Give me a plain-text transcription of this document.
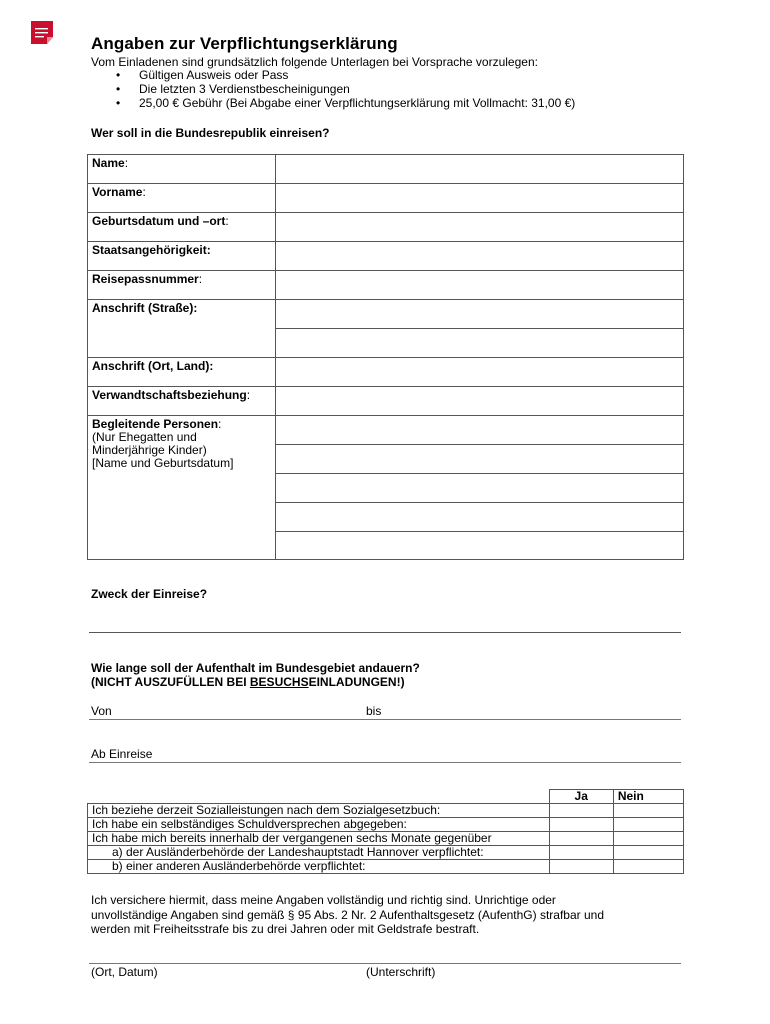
Angaben zur Verpflichtungserklärung
Vom Einladenen sind grundsätzlich folgende Unterlagen bei Vorsprache vorzulegen:
• Gültigen Ausweis oder Pass
• Die letzten 3 Verdienstbescheinigungen
• 25,00 € Gebühr (Bei Abgabe einer Verpflichtungserklärung mit Vollmacht: 31,00 €)
Wer soll in die Bundesrepublik einreisen?
Name:	
Vorname:	
Geburtsdatum und –ort:	
Staatsangehörigkeit:	
Reisepassnummer:	
Anschrift (Straße):	

Anschrift (Ort, Land):	
Verwandtschaftsbeziehung:	
Begleitende Personen:
(Nur Ehegatten und
Minderjährige Kinder)
[Name und Geburtsdatum]	

Zweck der Einreise?
Wie lange soll der Aufenthalt im Bundesgebiet andauern?
(NICHT AUSZUFÜLLEN BEI BESUCHSEINLADUNGEN!)
Von	bis
Ab Einreise
	Ja	Nein
Ich beziehe derzeit Sozialleistungen nach dem Sozialgesetzbuch:		
Ich habe ein selbständiges Schuldversprechen abgegeben:		
Ich habe mich bereits innerhalb der vergangenen sechs Monate gegenüber		
a) der Ausländerbehörde der Landeshauptstadt Hannover verpflichtet:		
b) einer anderen Ausländerbehörde verpflichtet:		
Ich versichere hiermit, dass meine Angaben vollständig und richtig sind. Unrichtige oder
unvollständige Angaben sind gemäß § 95 Abs. 2 Nr. 2 Aufenthaltsgesetz (AufenthG) strafbar und
werden mit Freiheitsstrafe bis zu drei Jahren oder mit Geldstrafe bestraft.
(Ort, Datum)	(Unterschrift)
